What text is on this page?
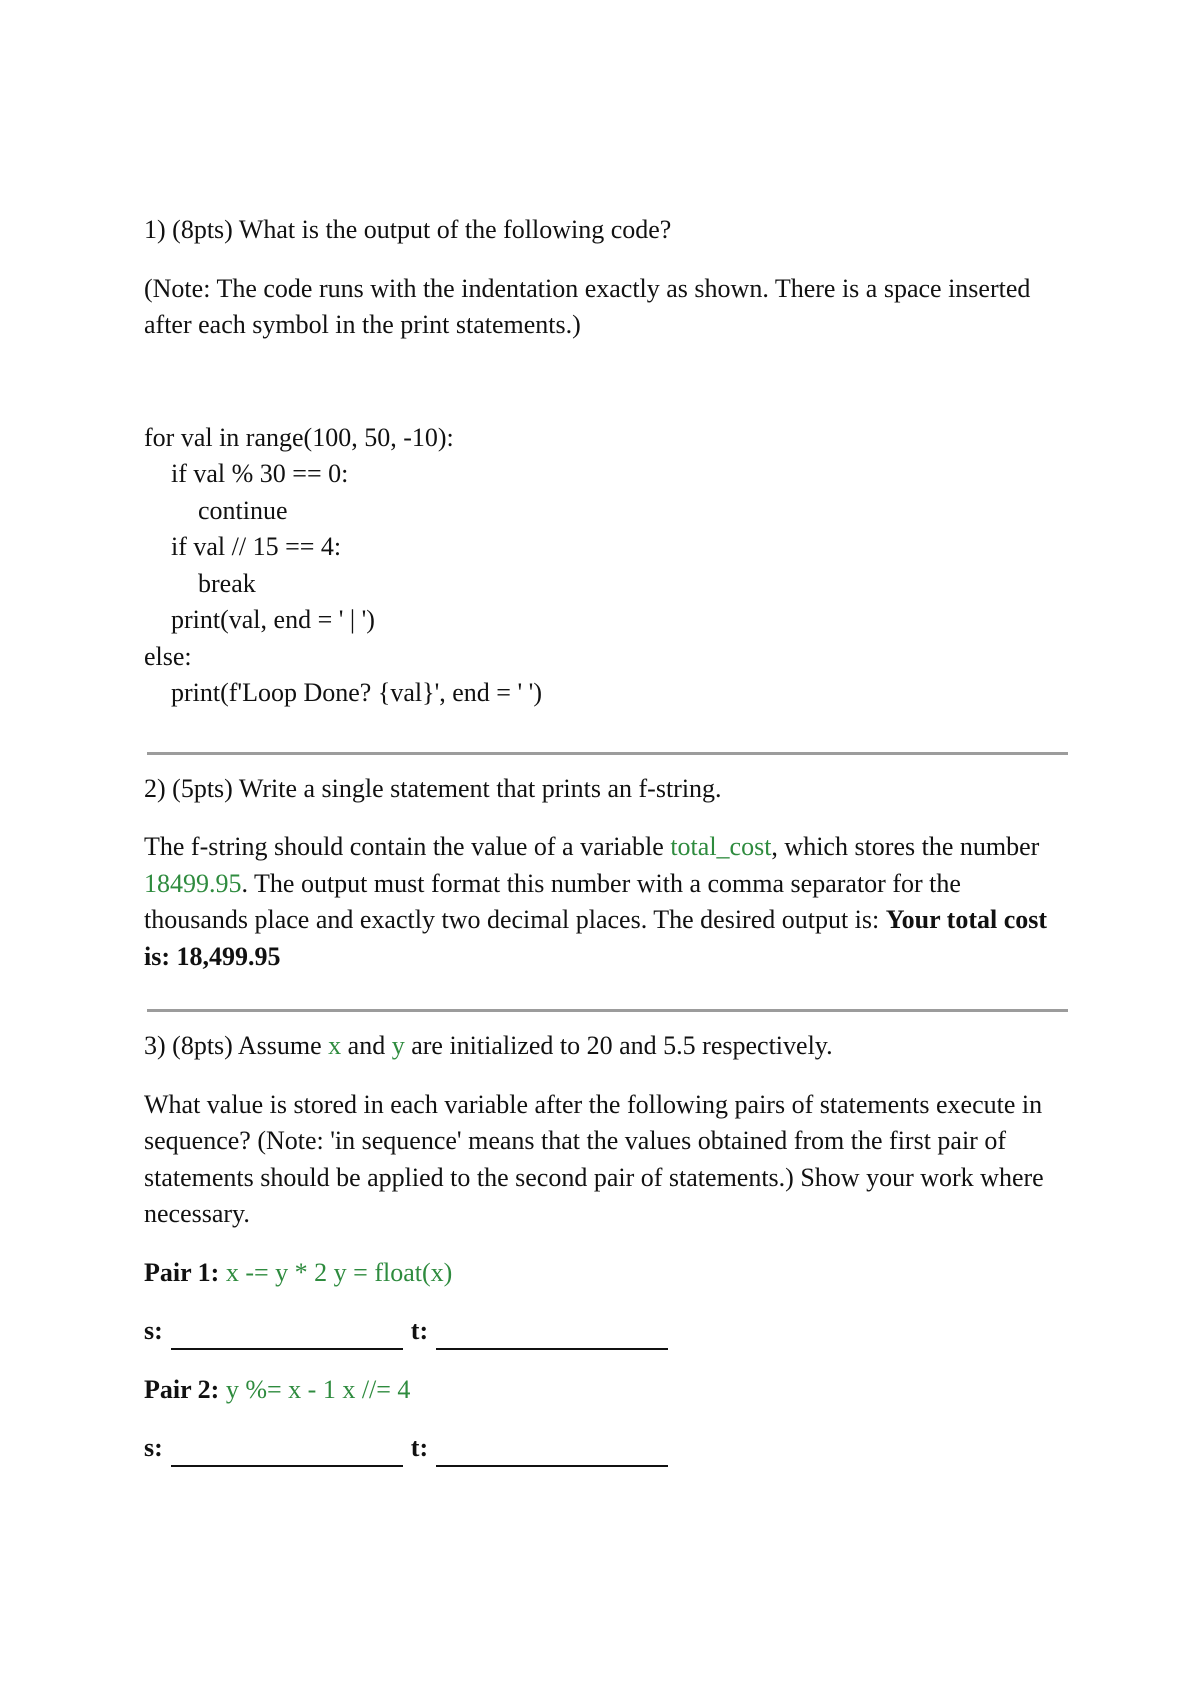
1) (8pts) What is the output of the following code?

(Note: The code runs with the indentation exactly as shown. There is a space inserted after each symbol in the print statements.)

for val in range(100, 50, -10):
if val % 30 == 0:
continue
if val // 15 == 4:
break
print(val, end = ' | ')
else:
print(f'Loop Done? {val}', end = ' ')

2) (5pts) Write a single statement that prints an f-string.

The f-string should contain the value of a variable total_cost, which stores the number 18499.95. The output must format this number with a comma separator for the thousands place and exactly two decimal places. The desired output is: Your total cost is: 18,499.95

3) (8pts) Assume x and y are initialized to 20 and 5.5 respectively.

What value is stored in each variable after the following pairs of statements execute in sequence? (Note: 'in sequence' means that the values obtained from the first pair of statements should be applied to the second pair of statements.) Show your work where necessary.

Pair 1: x -= y * 2 y = float(x)

s:	t:

Pair 2: y %= x - 1 x //= 4

s:	t:
